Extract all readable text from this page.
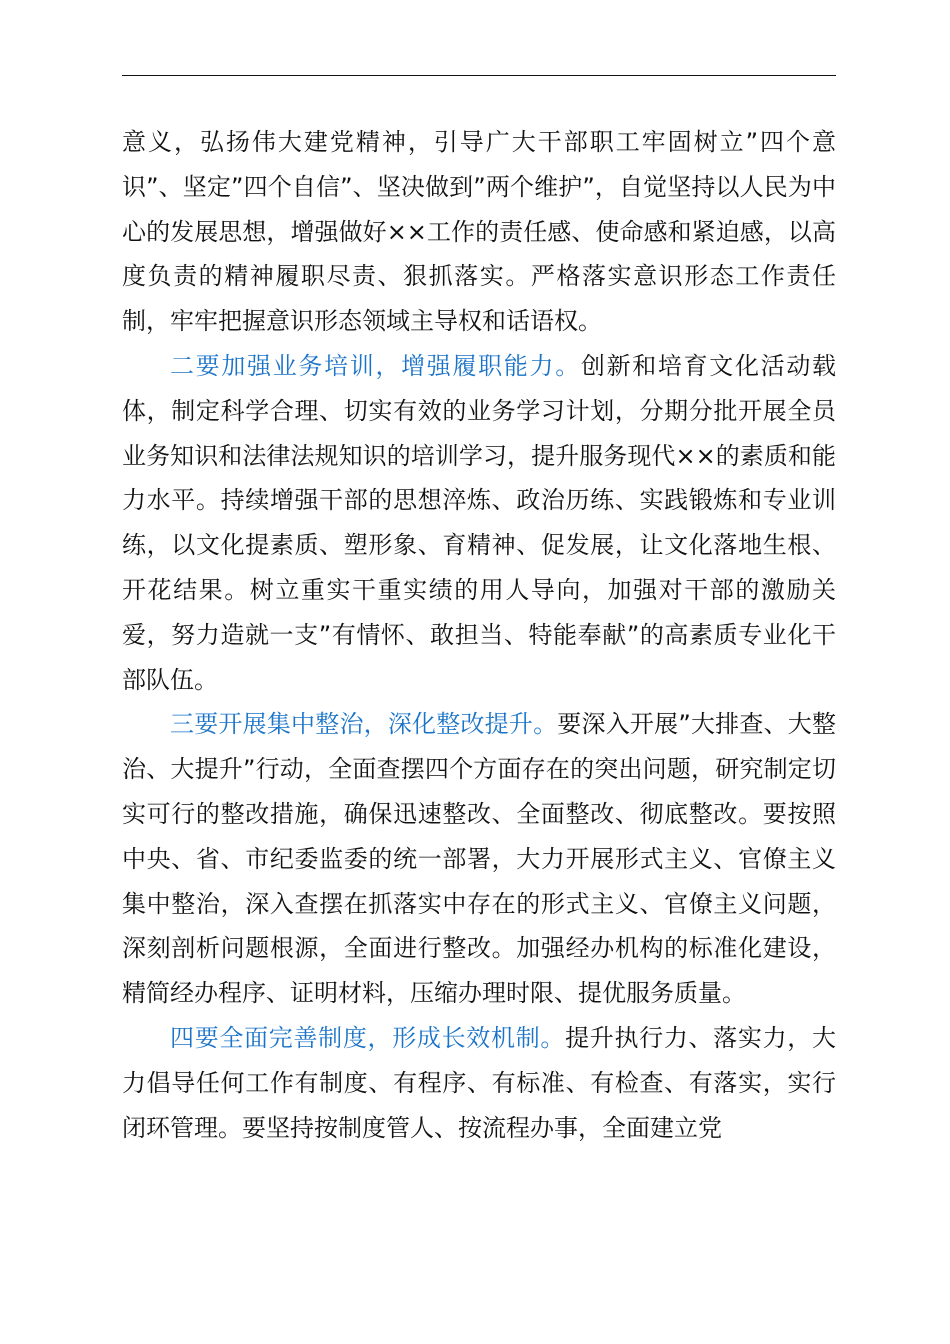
意义，弘扬伟大建党精神，引导广大干部职工牢固树立”四个意识”、坚定”四个自信”、坚决做到”两个维护”，自觉坚持以人民为中心的发展思想，增强做好××工作的责任感、使命感和紧迫感，以高度负责的精神履职尽责、狠抓落实。严格落实意识形态工作责任制，牢牢把握意识形态领域主导权和话语权。

二要加强业务培训，增强履职能力。创新和培育文化活动载体，制定科学合理、切实有效的业务学习计划，分期分批开展全员业务知识和法律法规知识的培训学习，提升服务现代××的素质和能力水平。持续增强干部的思想淬炼、政治历练、实践锻炼和专业训练，以文化提素质、塑形象、育精神、促发展，让文化落地生根、开花结果。树立重实干重实绩的用人导向，加强对干部的激励关爱，努力造就一支”有情怀、敢担当、特能奉献”的高素质专业化干部队伍。

三要开展集中整治，深化整改提升。要深入开展”大排查、大整治、大提升”行动，全面查摆四个方面存在的突出问题，研究制定切实可行的整改措施，确保迅速整改、全面整改、彻底整改。要按照中央、省、市纪委监委的统一部署，大力开展形式主义、官僚主义集中整治，深入查摆在抓落实中存在的形式主义、官僚主义问题，深刻剖析问题根源，全面进行整改。加强经办机构的标准化建设，精简经办程序、证明材料，压缩办理时限、提优服务质量。

四要全面完善制度，形成长效机制。提升执行力、落实力，大力倡导任何工作有制度、有程序、有标准、有检查、有落实，实行闭环管理。要坚持按制度管人、按流程办事，全面建立党
